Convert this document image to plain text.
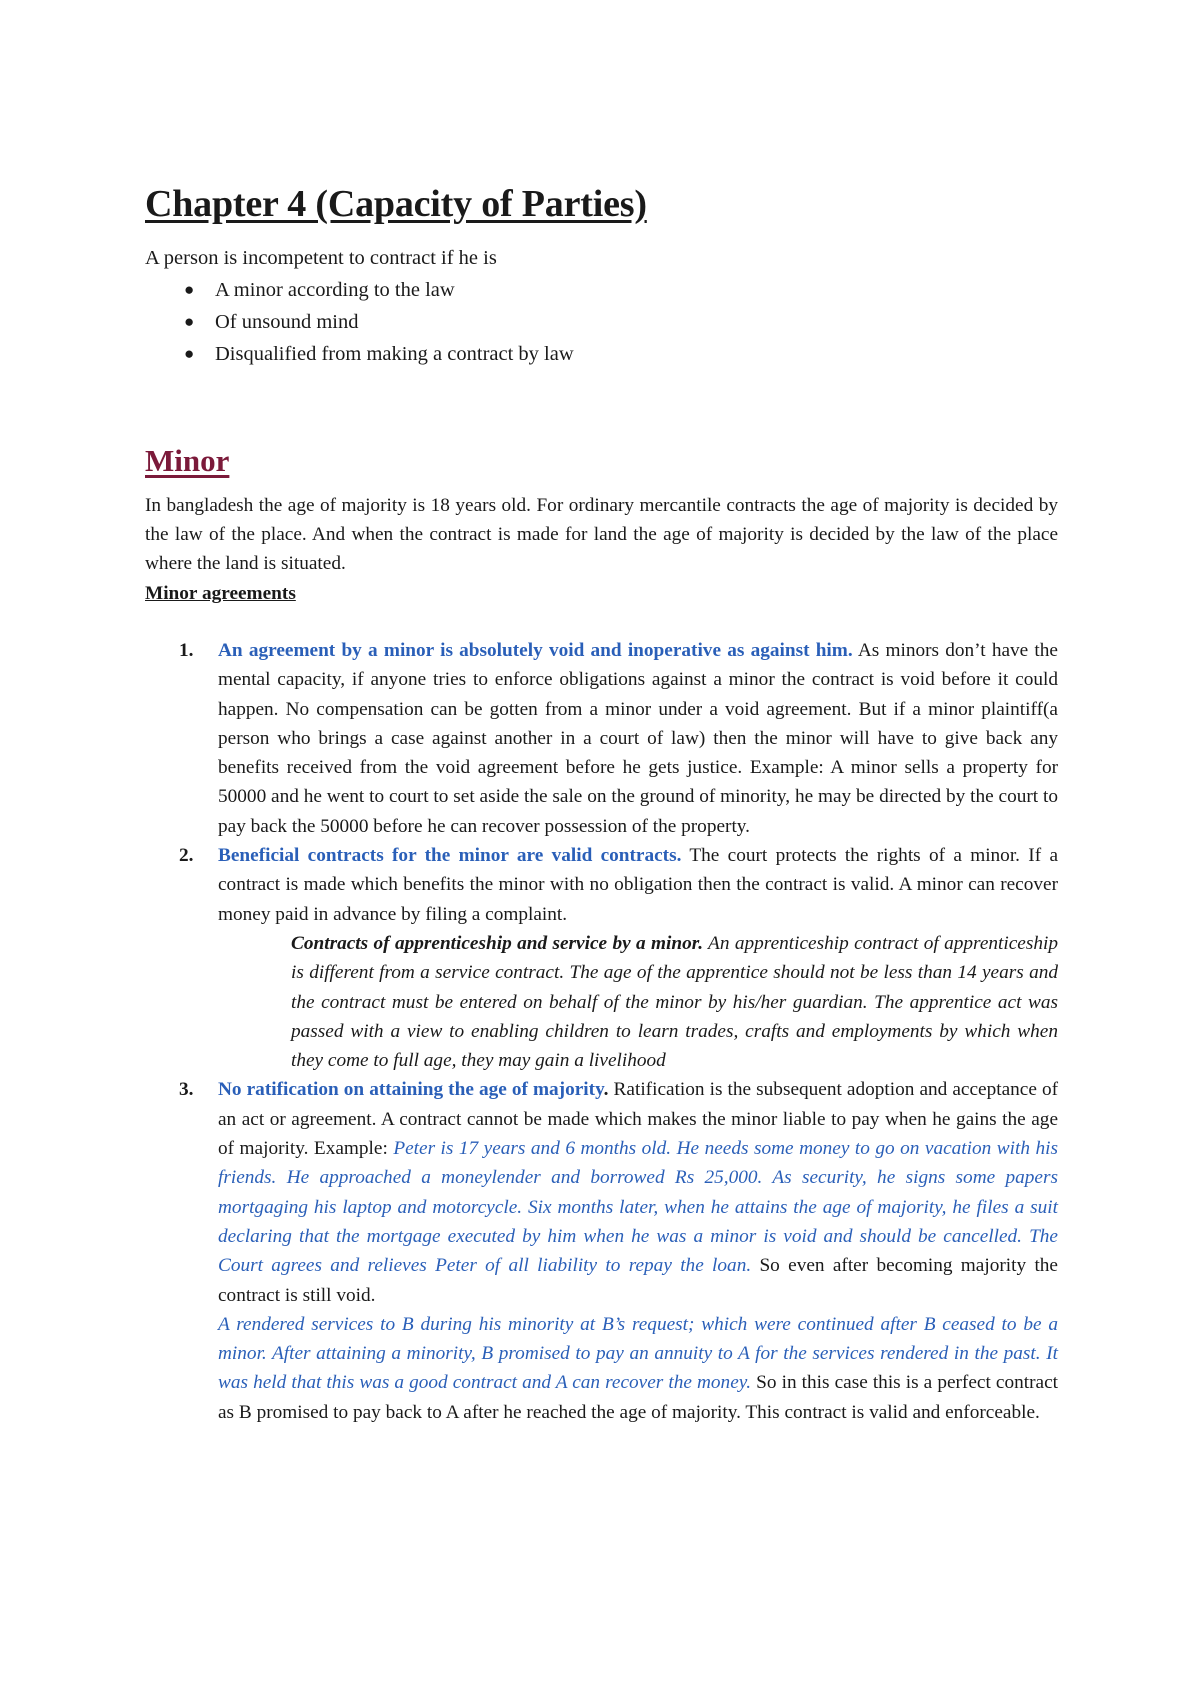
Chapter 4 (Capacity of Parties)

A person is incompetent to contract if he is

● A minor according to the law
● Of unsound mind
● Disqualified from making a contract by law
Minor

In bangladesh the age of majority is 18 years old. For ordinary mercantile contracts the age of majority is decided by the law of the place. And when the contract is made for land the age of majority is decided by the law of the place where the land is situated.

Minor agreements
1. An agreement by a minor is absolutely void and inoperative as against him. As minors don’t have the mental capacity, if anyone tries to enforce obligations against a minor the contract is void before it could happen. No compensation can be gotten from a minor under a void agreement. But if a minor plaintiff(a person who brings a case against another in a court of law) then the minor will have to give back any benefits received from the void agreement before he gets justice. Example: A minor sells a property for 50000 and he went to court to set aside the sale on the ground of minority, he may be directed by the court to pay back the 50000 before he can recover possession of the property.
2. Beneficial contracts for the minor are valid contracts. The court protects the rights of a minor. If a contract is made which benefits the minor with no obligation then the contract is valid. A minor can recover money paid in advance by filing a complaint.
Contracts of apprenticeship and service by a minor. An apprenticeship contract of apprenticeship is different from a service contract. The age of the apprentice should not be less than 14 years and the contract must be entered on behalf of the minor by his/her guardian. The apprentice act was passed with a view to enabling children to learn trades, crafts and employments by which when they come to full age, they may gain a livelihood
3. No ratification on attaining the age of majority. Ratification is the subsequent adoption and acceptance of an act or agreement. A contract cannot be made which makes the minor liable to pay when he gains the age of majority. Example: Peter is 17 years and 6 months old. He needs some money to go on vacation with his friends. He approached a moneylender and borrowed Rs 25,000. As security, he signs some papers mortgaging his laptop and motorcycle. Six months later, when he attains the age of majority, he files a suit declaring that the mortgage executed by him when he was a minor is void and should be cancelled. The Court agrees and relieves Peter of all liability to repay the loan. So even after becoming majority the contract is still void.
A rendered services to B during his minority at B’s request; which were continued after B ceased to be a minor. After attaining a minority, B promised to pay an annuity to A for the services rendered in the past. It was held that this was a good contract and A can recover the money. So in this case this is a perfect contract as B promised to pay back to A after he reached the age of majority. This contract is valid and enforceable.
